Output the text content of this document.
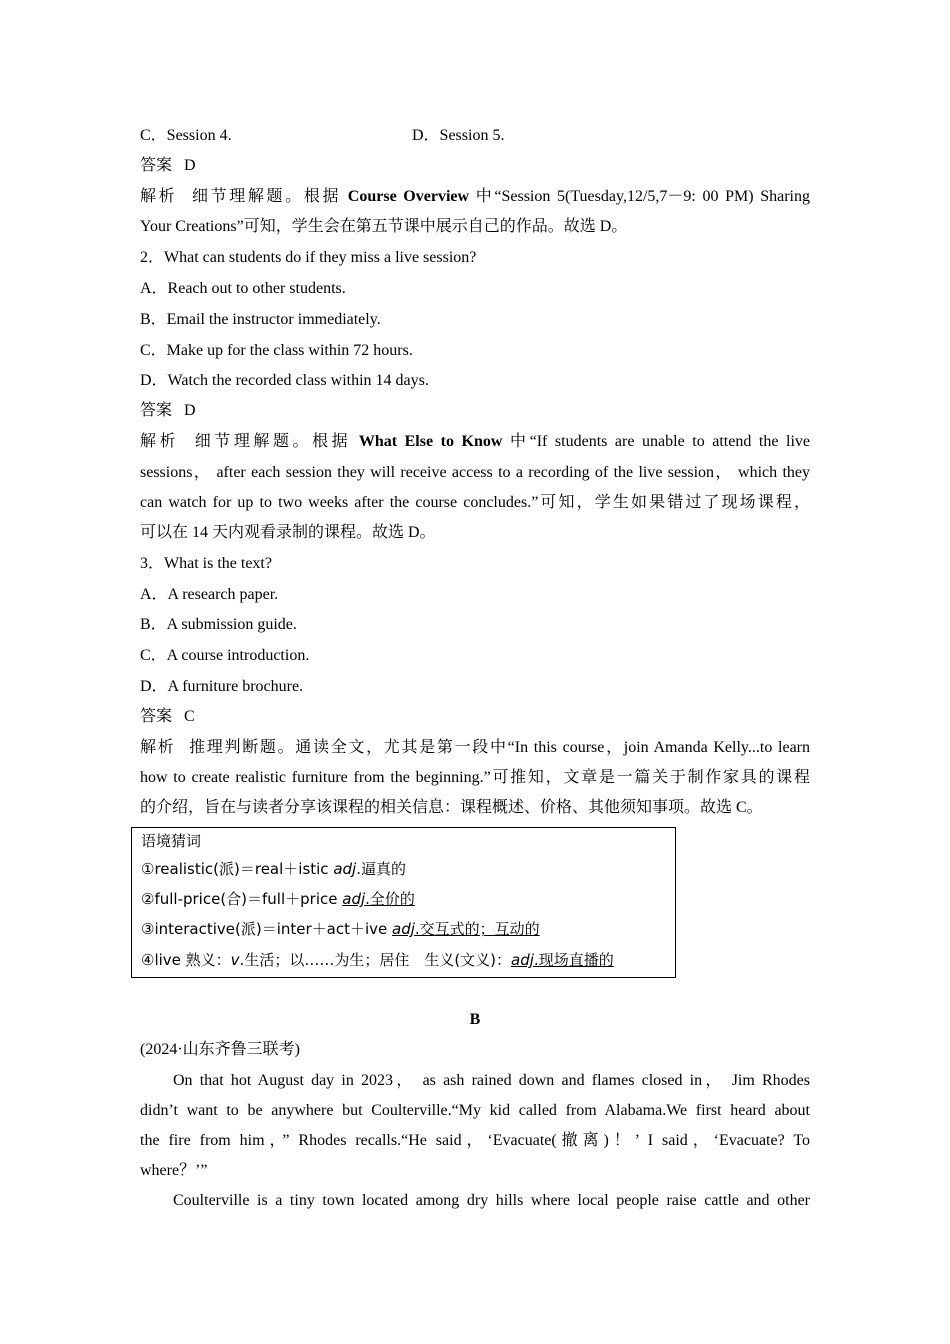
C．Session 4.	D．Session 5.
答案 D
解析 细节理解题。根据 Course Overview 中“Session 5(Tuesday,12/5,7－9: 00 PM) Sharing
Your Creations”可知，学生会在第五节课中展示自己的作品。故选 D。
2．What can students do if they miss a live session?
A．Reach out to other students.
B．Email the instructor immediately.
C．Make up for the class within 72 hours.
D．Watch the recorded class within 14 days.
答案 D
解析 细节理解题。根据 What Else to Know 中“If students are unable to attend the live
sessions， after each session they will receive access to a recording of the live session， which they
can watch for up to two weeks after the course concludes.”可知，学生如果错过了现场课程，
可以在 14 天内观看录制的课程。故选 D。
3．What is the text?
A．A research paper.
B．A submission guide.
C．A course introduction.
D．A furniture brochure.
答案 C
解析 推理判断题。通读全文，尤其是第一段中“In this course，join Amanda Kelly...to learn
how to create realistic furniture from the beginning.”可推知，文章是一篇关于制作家具的课程
的介绍，旨在与读者分享该课程的相关信息：课程概述、价格、其他须知事项。故选 C。
语境猜词
①realistic(派)＝real＋istic adj.逼真的
②full-price(合)＝full＋price adj.全价的
③interactive(派)＝inter＋act＋ive adj.交互式的；互动的
④live 熟义：v.生活；以……为生；居住　生义(文义)：adj.现场直播的
B
(2024·山东齐鲁三联考)
On that hot August day in 2023， as ash rained down and flames closed in， Jim Rhodes
didn’t want to be anywhere but Coulterville.“My kid called from Alabama.We first heard about
the fire from him，” Rhodes recalls.“He said，‘Evacuate(撤离)！’ I said，‘Evacuate? To
where？’”
Coulterville is a tiny town located among dry hills where local people raise cattle and other
